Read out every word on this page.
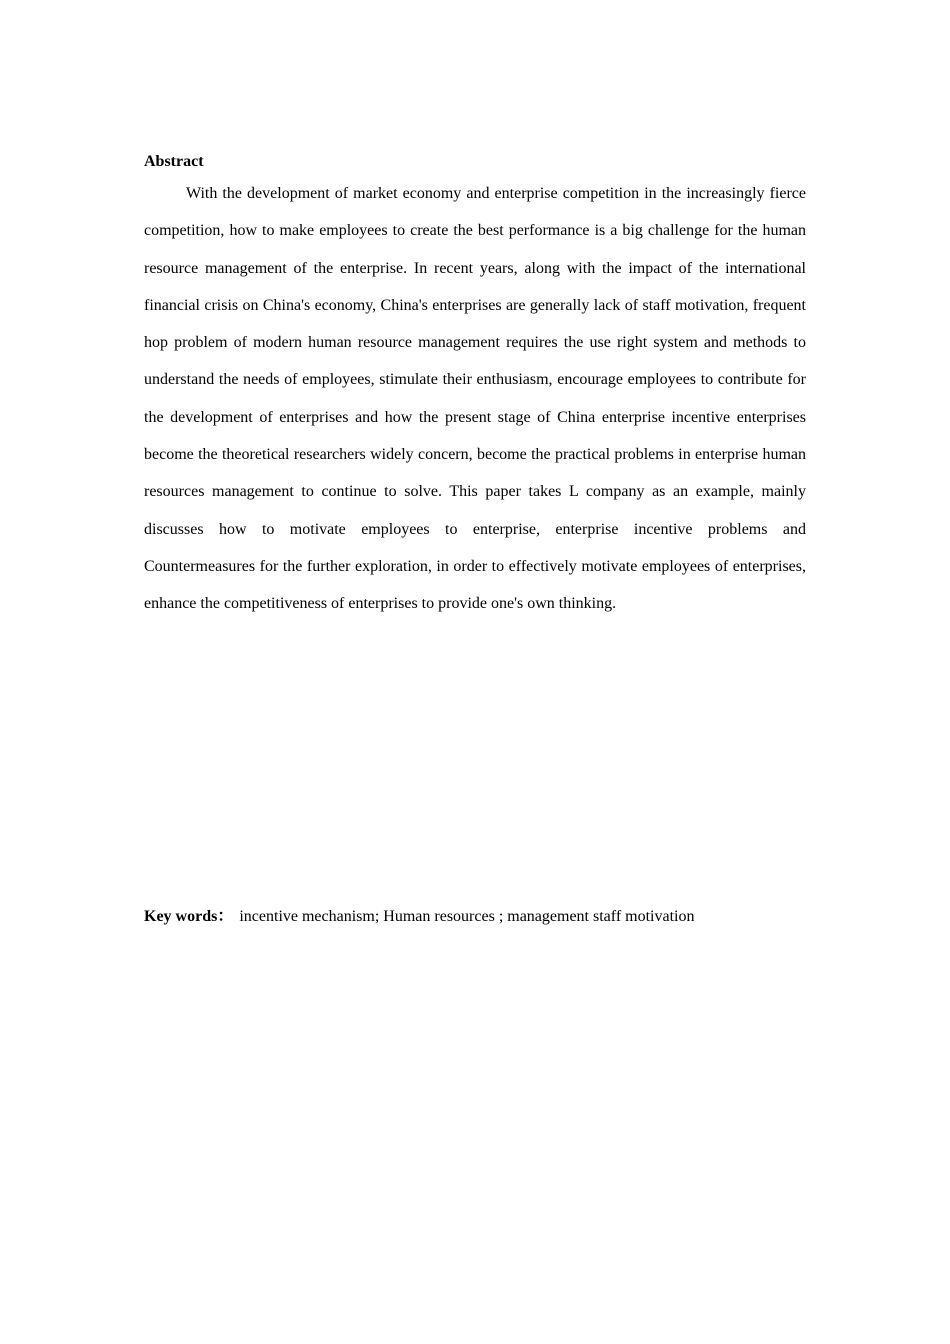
Abstract

With the development of market economy and enterprise competition in the increasingly fierce competition, how to make employees to create the best performance is a big challenge for the human resource management of the enterprise. In recent years, along with the impact of the international financial crisis on China's economy, China's enterprises are generally lack of staff motivation, frequent hop problem of modern human resource management requires the use right system and methods to understand the needs of employees, stimulate their enthusiasm, encourage employees to contribute for the development of enterprises and how the present stage of China enterprise incentive enterprises become the theoretical researchers widely concern, become the practical problems in enterprise human resources management to continue to solve. This paper takes L company as an example, mainly discusses how to motivate employees to enterprise, enterprise incentive problems and Countermeasures for the further exploration, in order to effectively motivate employees of enterprises, enhance the competitiveness of enterprises to provide one's own thinking.

Key words： incentive mechanism; Human resources ; management staff motivation
